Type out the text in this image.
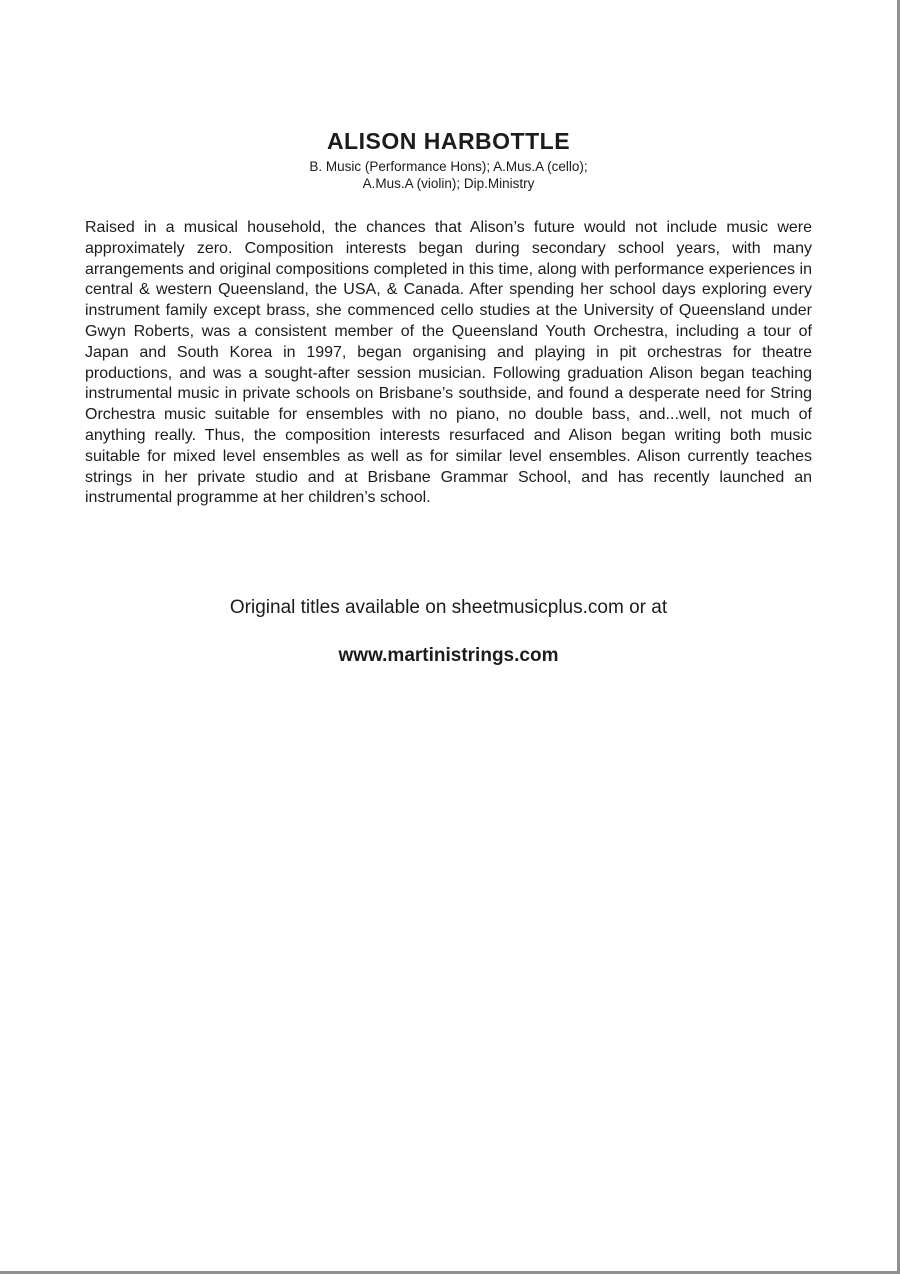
ALISON HARBOTTLE
B. Music (Performance Hons); A.Mus.A (cello);
A.Mus.A (violin); Dip.Ministry

Raised in a musical household, the chances that Alison’s future would not include music were approximately zero. Composition interests began during secondary school years, with many arrangements and original compositions completed in this time, along with performance experiences in central & western Queensland, the USA, & Canada. After spending her school days exploring every instrument family except brass, she commenced cello studies at the University of Queensland under Gwyn Roberts, was a consistent member of the Queensland Youth Orchestra, including a tour of Japan and South Korea in 1997, began organising and playing in pit orchestras for theatre productions, and was a sought-after session musician. Following graduation Alison began teaching instrumental music in private schools on Brisbane’s southside, and found a desperate need for String Orchestra music suitable for ensembles with no piano, no double bass, and...well, not much of anything really. Thus, the composition interests resurfaced and Alison began writing both music suitable for mixed level ensembles as well as for similar level ensembles. Alison currently teaches strings in her private studio and at Brisbane Grammar School, and has recently launched an instrumental programme at her children’s school.

Original titles available on sheetmusicplus.com or at
www.martinistrings.com
